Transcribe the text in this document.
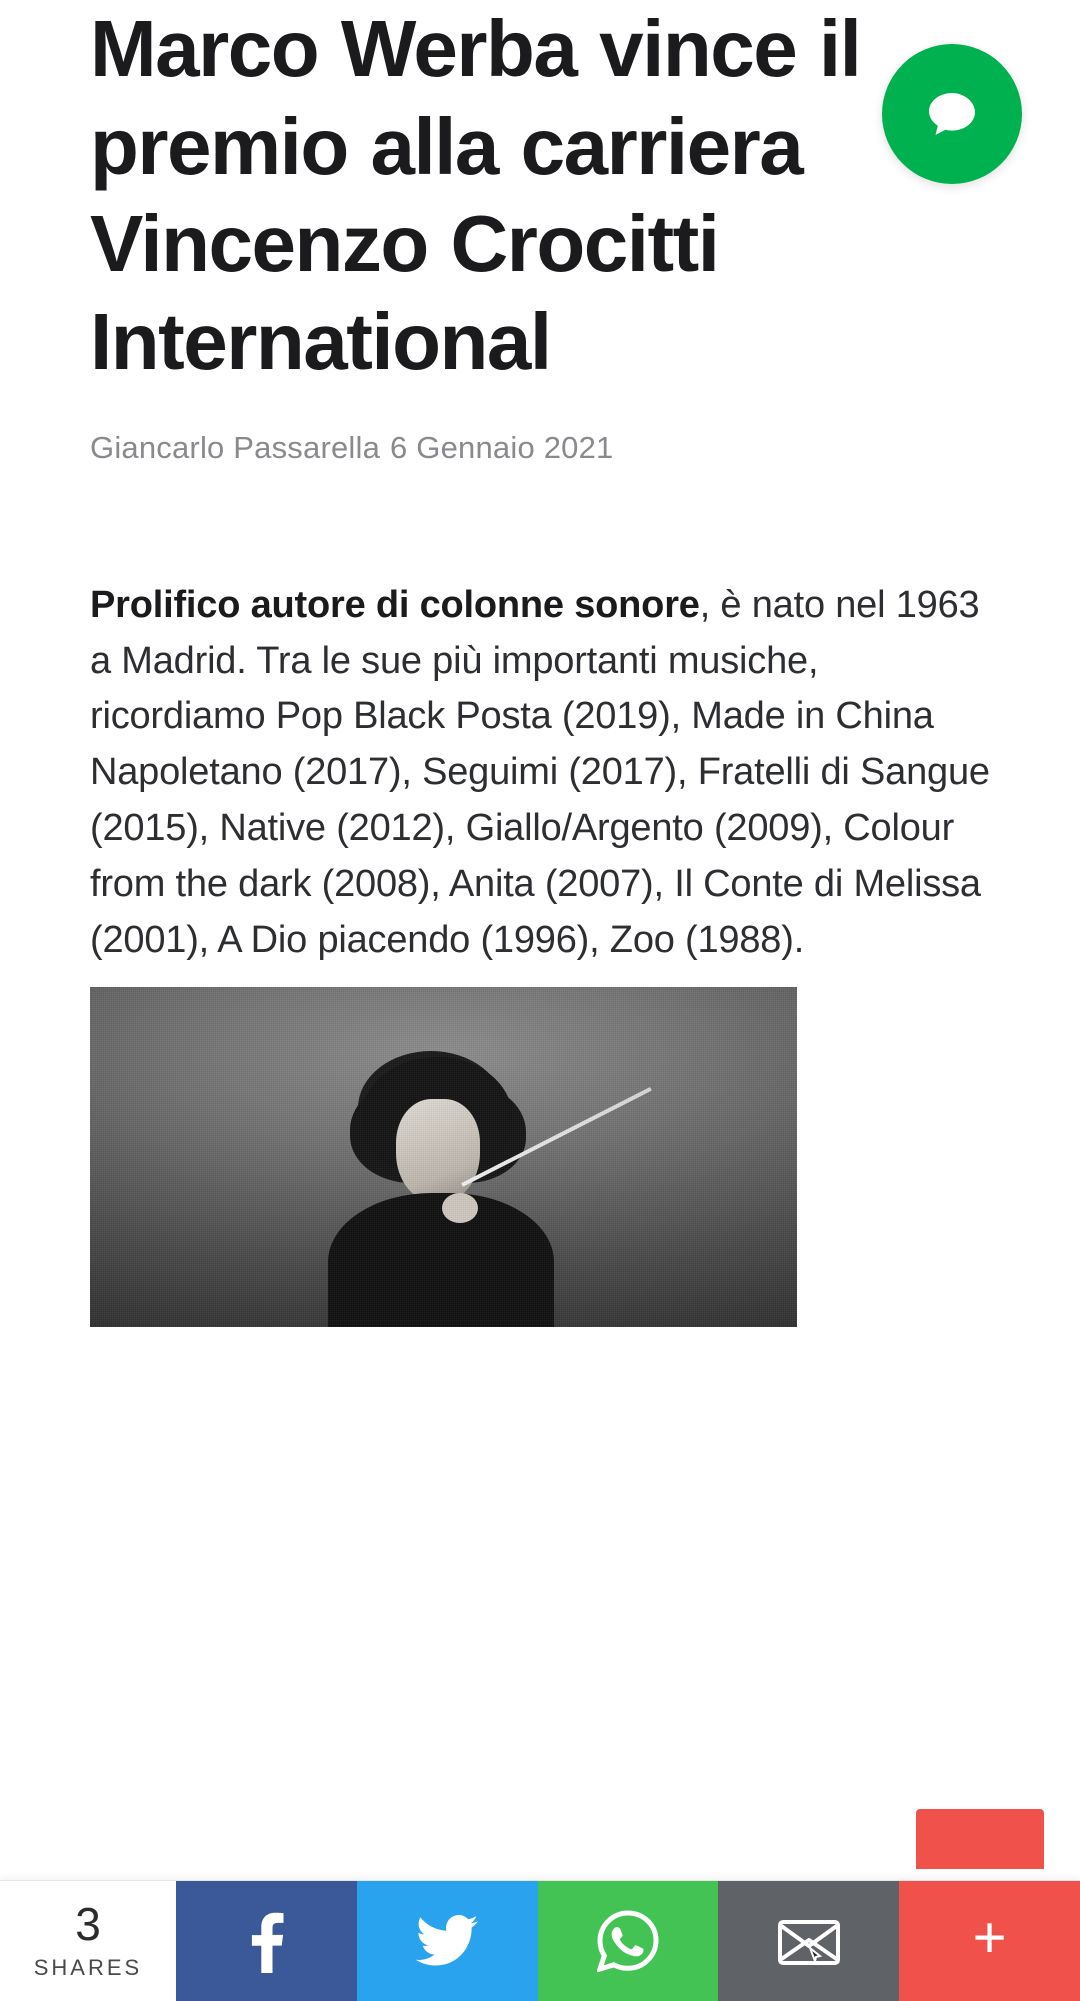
Marco Werba vince il premio alla carriera Vincenzo Crocitti International
Giancarlo Passarella 6 Gennaio 2021

Prolifico autore di colonne sonore, è nato nel 1963 a Madrid. Tra le sue più importanti musiche, ricordiamo Pop Black Posta (2019), Made in China Napoletano (2017), Seguimi (2017), Fratelli di Sangue (2015), Native (2012), Giallo/Argento (2009), Colour from the dark (2008), Anita (2007), Il Conte di Melissa (2001), A Dio piacendo (1996), Zoo (1988).

3
SHARES	+
